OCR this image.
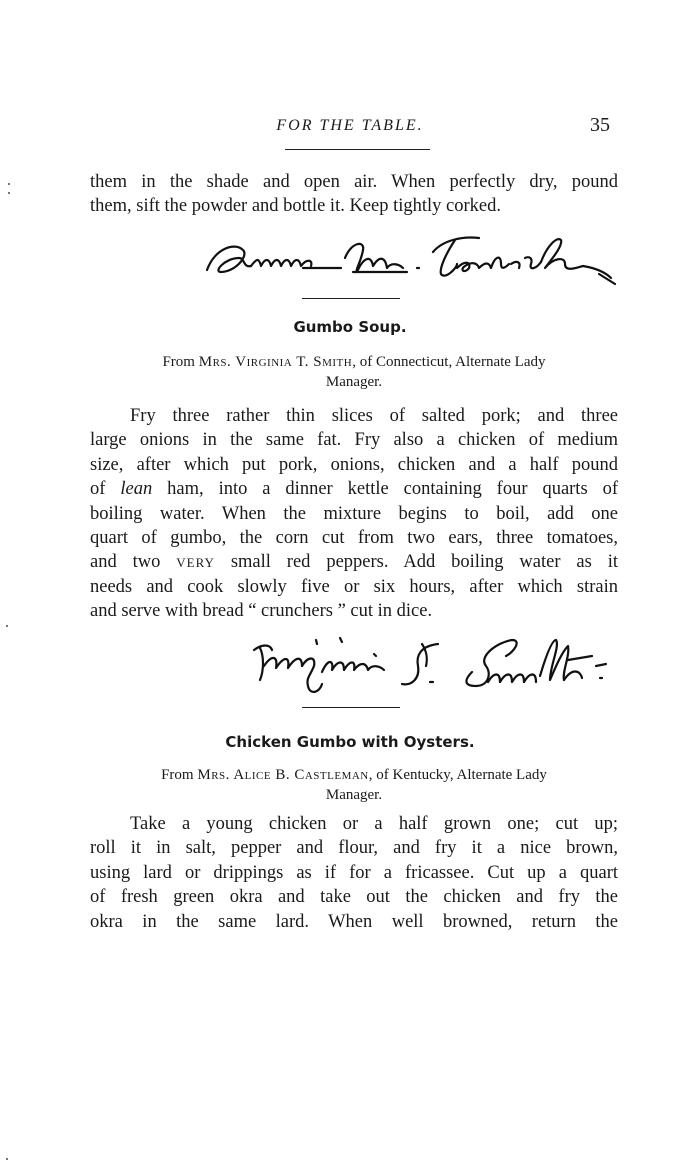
FOR THE TABLE.	35
them in the shade and open air. When perfectly dry, pound
them, sift the powder and bottle it. Keep tightly corked.
Gumbo Soup.
From Mrs. Virginia T. Smith, of Connecticut, Alternate Lady
Manager.
Fry three rather thin slices of salted pork; and three
large onions in the same fat. Fry also a chicken of medium
size, after which put pork, onions, chicken and a half pound
of lean ham, into a dinner kettle containing four quarts of
boiling water. When the mixture begins to boil, add one
quart of gumbo, the corn cut from two ears, three tomatoes,
and two VERY small red peppers. Add boiling water as it
needs and cook slowly five or six hours, after which strain
and serve with bread “ crunchers ” cut in dice.
Chicken Gumbo with Oysters.
From Mrs. Alice B. Castleman, of Kentucky, Alternate Lady
Manager.
Take a young chicken or a half grown one; cut up;
roll it in salt, pepper and flour, and fry it a nice brown,
using lard or drippings as if for a fricassee. Cut up a quart
of fresh green okra and take out the chicken and fry the
okra in the same lard. When well browned, return the
